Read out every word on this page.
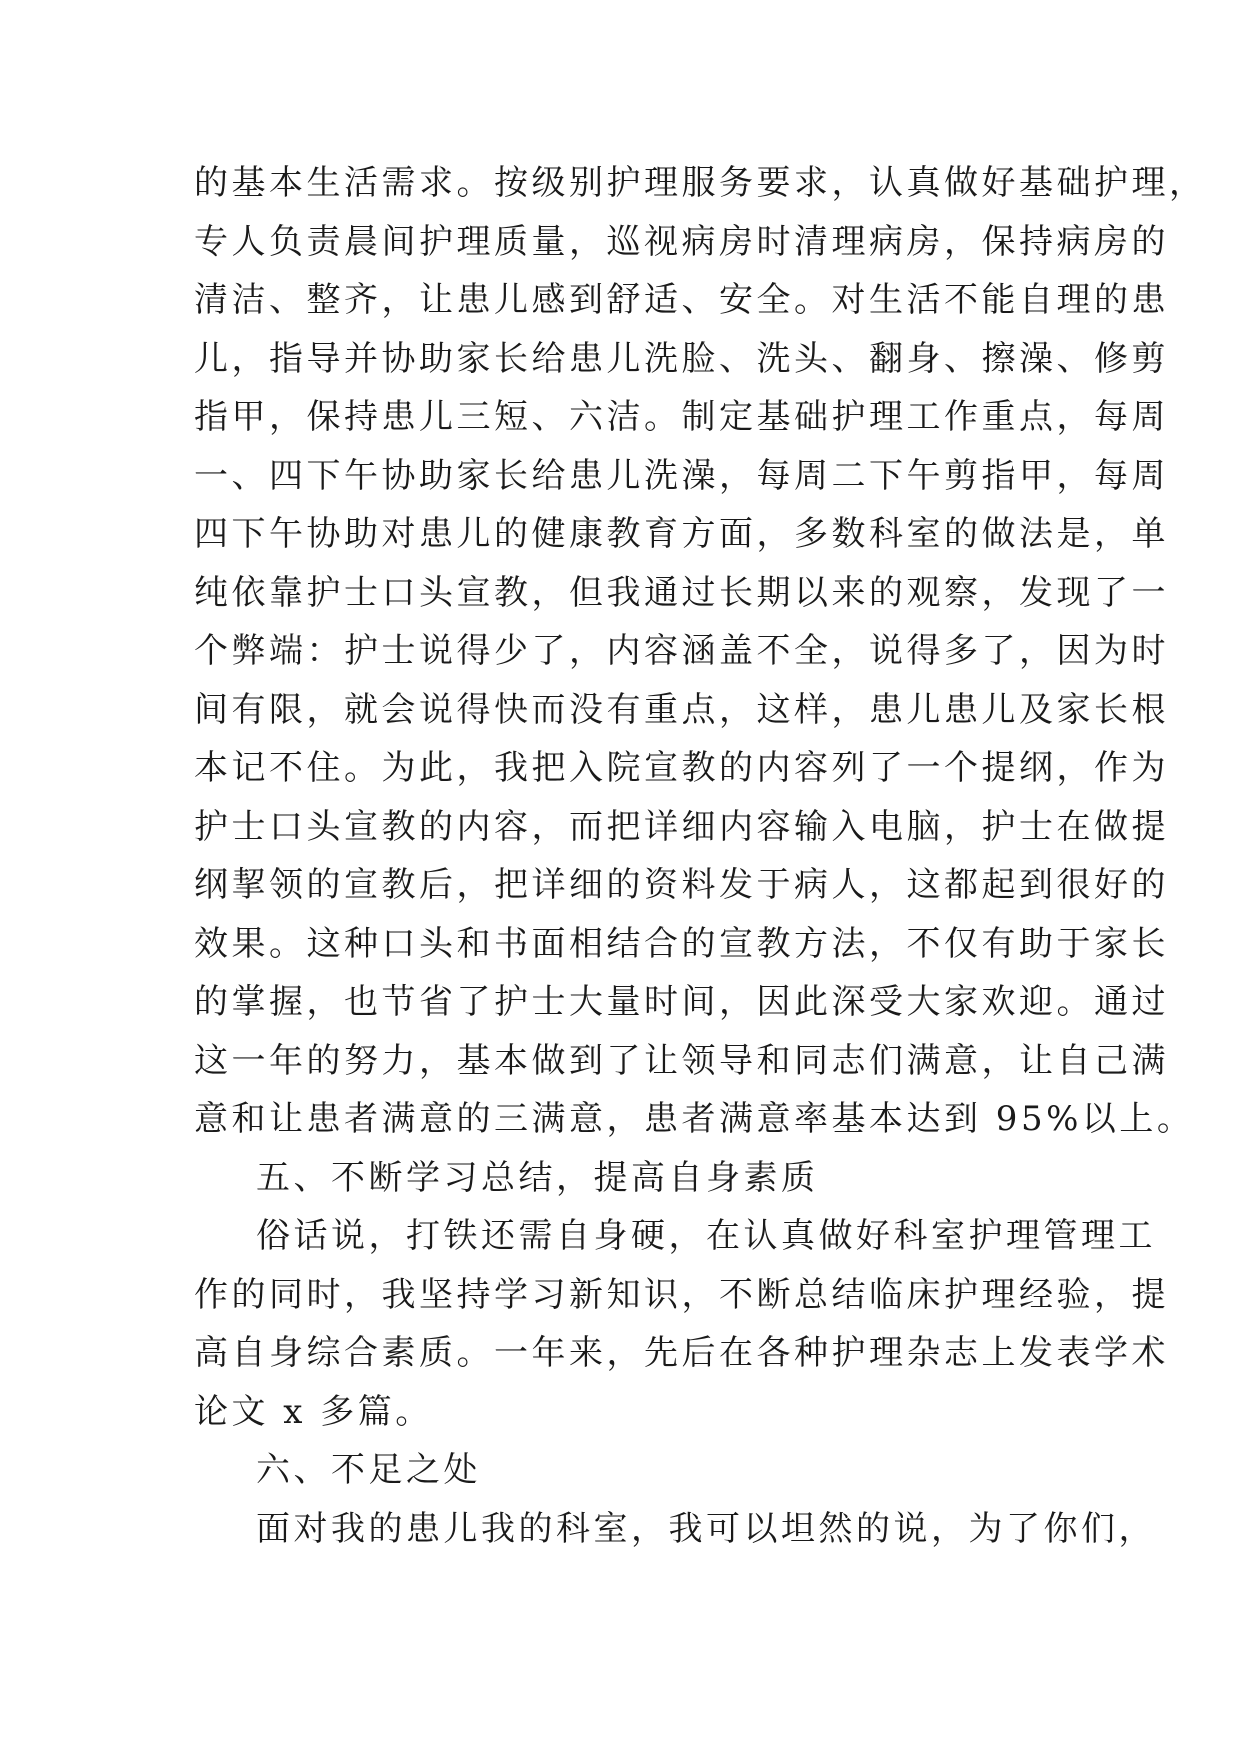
的基本生活需求。按级别护理服务要求，认真做好基础护理，
专人负责晨间护理质量，巡视病房时清理病房，保持病房的
清洁、整齐，让患儿感到舒适、安全。对生活不能自理的患
儿，指导并协助家长给患儿洗脸、洗头、翻身、擦澡、修剪
指甲，保持患儿三短、六洁。制定基础护理工作重点，每周
一、四下午协助家长给患儿洗澡，每周二下午剪指甲，每周
四下午协助对患儿的健康教育方面，多数科室的做法是，单
纯依靠护士口头宣教，但我通过长期以来的观察，发现了一
个弊端：护士说得少了，内容涵盖不全，说得多了，因为时
间有限，就会说得快而没有重点，这样，患儿患儿及家长根
本记不住。为此，我把入院宣教的内容列了一个提纲，作为
护士口头宣教的内容，而把详细内容输入电脑，护士在做提
纲挈领的宣教后，把详细的资料发于病人，这都起到很好的
效果。这种口头和书面相结合的宣教方法，不仅有助于家长
的掌握，也节省了护士大量时间，因此深受大家欢迎。通过
这一年的努力，基本做到了让领导和同志们满意，让自己满
意和让患者满意的三满意，患者满意率基本达到 95%以上。
五、不断学习总结，提高自身素质
俗话说，打铁还需自身硬，在认真做好科室护理管理工
作的同时，我坚持学习新知识，不断总结临床护理经验，提
高自身综合素质。一年来，先后在各种护理杂志上发表学术
论文 x 多篇。
六、不足之处
面对我的患儿我的科室，我可以坦然的说，为了你们，
